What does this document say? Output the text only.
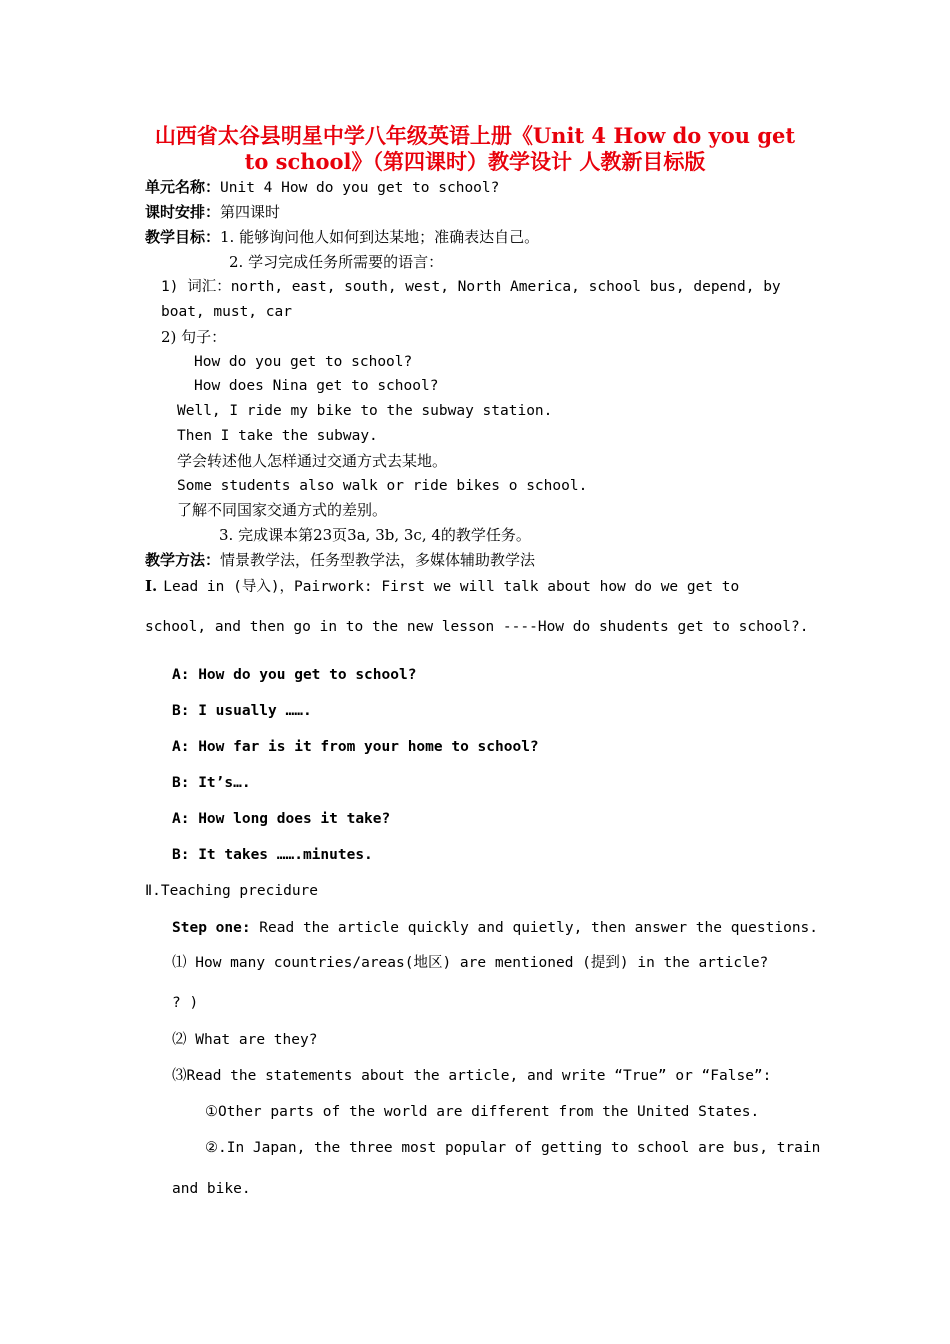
山西省太谷县明星中学八年级英语上册《Unit 4 How do you get
to school》（第四课时）教学设计 人教新目标版
单元名称：Unit 4 How do you get to school?
课时安排：第四课时
教学目标：1. 能够询问他人如何到达某地；准确表达自己。
2. 学习完成任务所需要的语言：
1) 词汇：north, east, south, west, North America, school bus, depend, by
boat, must, car
2) 句子：
How do you get to school?
How does Nina get to school?
Well, I ride my bike to the subway station.
Then I take the subway.
学会转述他人怎样通过交通方式去某地。
Some students also walk or ride bikes o school.
了解不同国家交通方式的差别。
3. 完成课本第23页3a, 3b, 3c, 4的教学任务。
教学方法：情景教学法，任务型教学法，多媒体辅助教学法
Ⅰ. Lead in (导入)，Pairwork: First we will talk about how do we get to
school, and then go in to the new lesson ----How do shudents get to school?.
A: How do you get to school?
B: I usually …….
A: How far is it from your home to school?
B: It’s….
A: How long does it take?
B: It takes …….minutes.
Ⅱ.Teaching precidure
Step one: Read the article quickly and quietly, then answer the questions.
⑴ How many countries/areas(地区) are mentioned (提到) in the article?
? )
⑵ What are they?
⑶Read the statements about the article, and write “True” or “False”:
①Other parts of the world are different from the United States.
②.In Japan, the three most popular of getting to school are bus, train
and bike.
